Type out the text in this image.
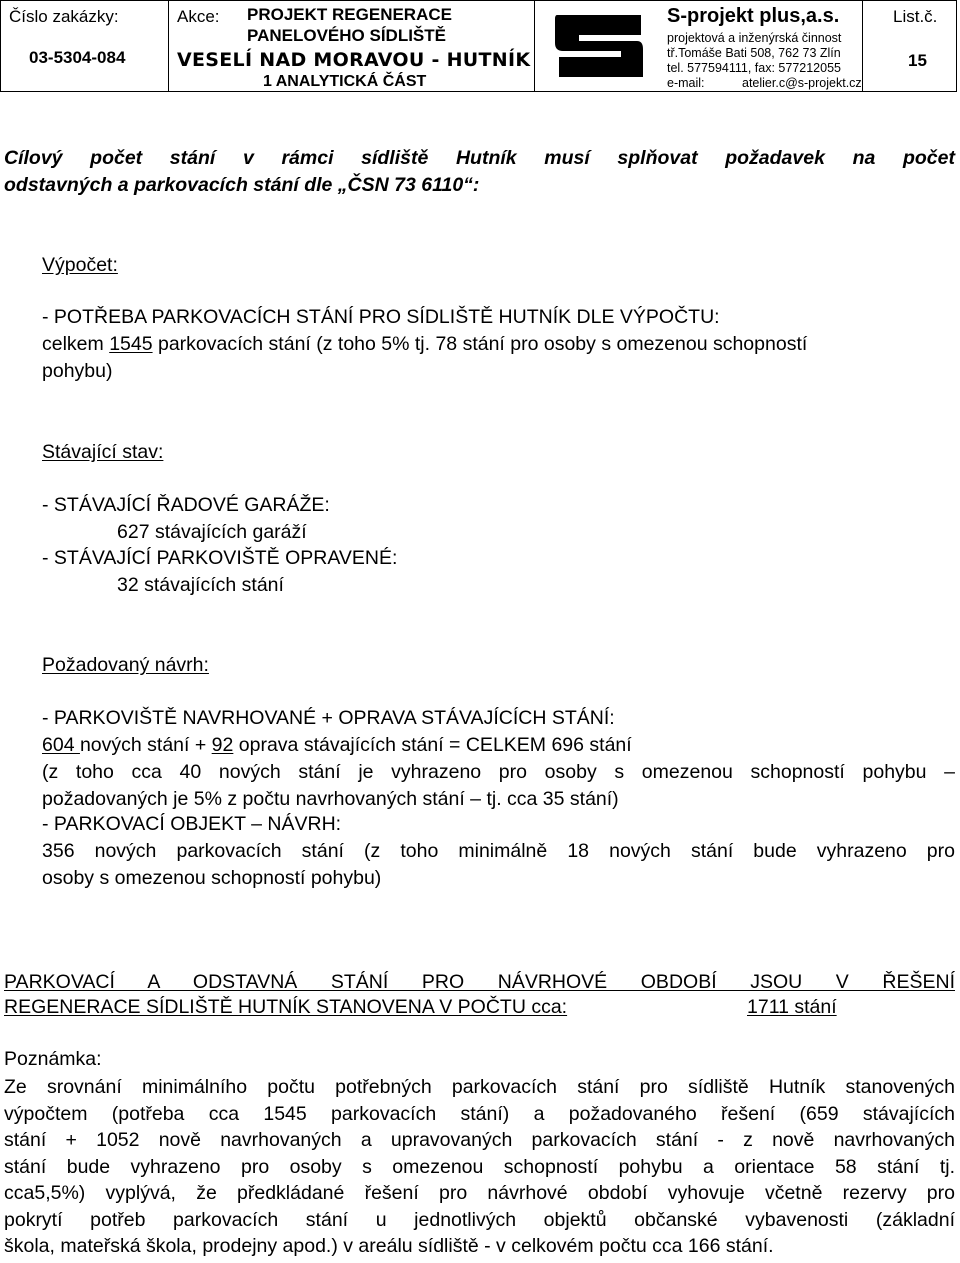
Číslo zakázky:
03-5304-084
Akce: PROJEKT REGENERACE
PANELOVÉHO SÍDLIŠTĚ
VESELÍ NAD MORAVOU - HUTNÍK
1 ANALYTICKÁ ČÁST
S-projekt plus,a.s.
projektová a inženýrská činnost
tř.Tomáše Bati 508, 762 73 Zlín
tel. 577594111, fax: 577212055
e-mail:	atelier.c@s-projekt.cz
List.č.
15
Cílový počet stání v rámci sídliště Hutník musí splňovat požadavek na počet
odstavných a parkovacích stání dle „ČSN 73 6110“:
Výpočet:
- POTŘEBA PARKOVACÍCH STÁNÍ PRO SÍDLIŠTĚ HUTNÍK DLE VÝPOČTU:
celkem 1545 parkovacích stání (z toho 5% tj. 78 stání pro osoby s omezenou schopností
pohybu)
Stávající stav:
- STÁVAJÍCÍ ŘADOVÉ GARÁŽE:
627 stávajících garáží
- STÁVAJÍCÍ PARKOVIŠTĚ OPRAVENÉ:
32 stávajících stání
Požadovaný návrh:
- PARKOVIŠTĚ NAVRHOVANÉ + OPRAVA STÁVAJÍCÍCH STÁNÍ:
604 nových stání + 92 oprava stávajících stání = CELKEM 696 stání
(z toho cca 40 nových stání je vyhrazeno pro osoby s omezenou schopností pohybu –
požadovaných je 5% z počtu navrhovaných stání – tj. cca 35 stání)
- PARKOVACÍ OBJEKT – NÁVRH:
356 nových parkovacích stání (z toho minimálně 18 nových stání bude vyhrazeno pro
osoby s omezenou schopností pohybu)
PARKOVACÍ A ODSTAVNÁ STÁNÍ PRO NÁVRHOVÉ OBDOBÍ JSOU V ŘEŠENÍ
REGENERACE SÍDLIŠTĚ HUTNÍK STANOVENA V POČTU cca:	1711 stání
Poznámka:
Ze srovnání minimálního počtu potřebných parkovacích stání pro sídliště Hutník stanovených
výpočtem (potřeba cca 1545 parkovacích stání) a požadovaného řešení (659 stávajících
stání + 1052 nově navrhovaných a upravovaných parkovacích stání - z nově navrhovaných
stání bude vyhrazeno pro osoby s omezenou schopností pohybu a orientace 58 stání tj.
cca5,5%) vyplývá, že předkládané řešení pro návrhové období vyhovuje včetně rezervy pro
pokrytí potřeb parkovacích stání u jednotlivých objektů občanské vybavenosti (základní
škola, mateřská škola, prodejny apod.) v areálu sídliště - v celkovém počtu cca 166 stání.
